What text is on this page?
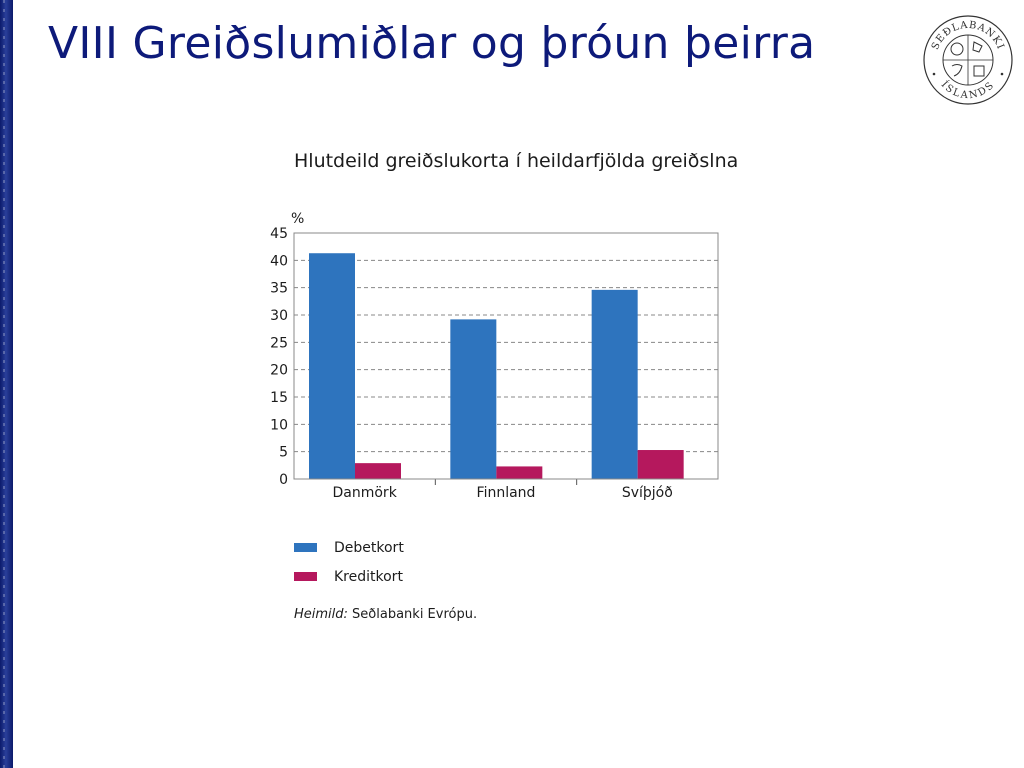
VIII Greiðslumiðlar og þróun þeirra	SEÐLABANKI
ÍSLANDS
Hlutdeild greiðslukorta í heildarfjölda greiðslna
0
5
10
15
20
25
30
35
40
45
%
Danmörk	Finnland	Svíþjóð
Debetkort
Kreditkort
Heimild: Seðlabanki Evrópu.
